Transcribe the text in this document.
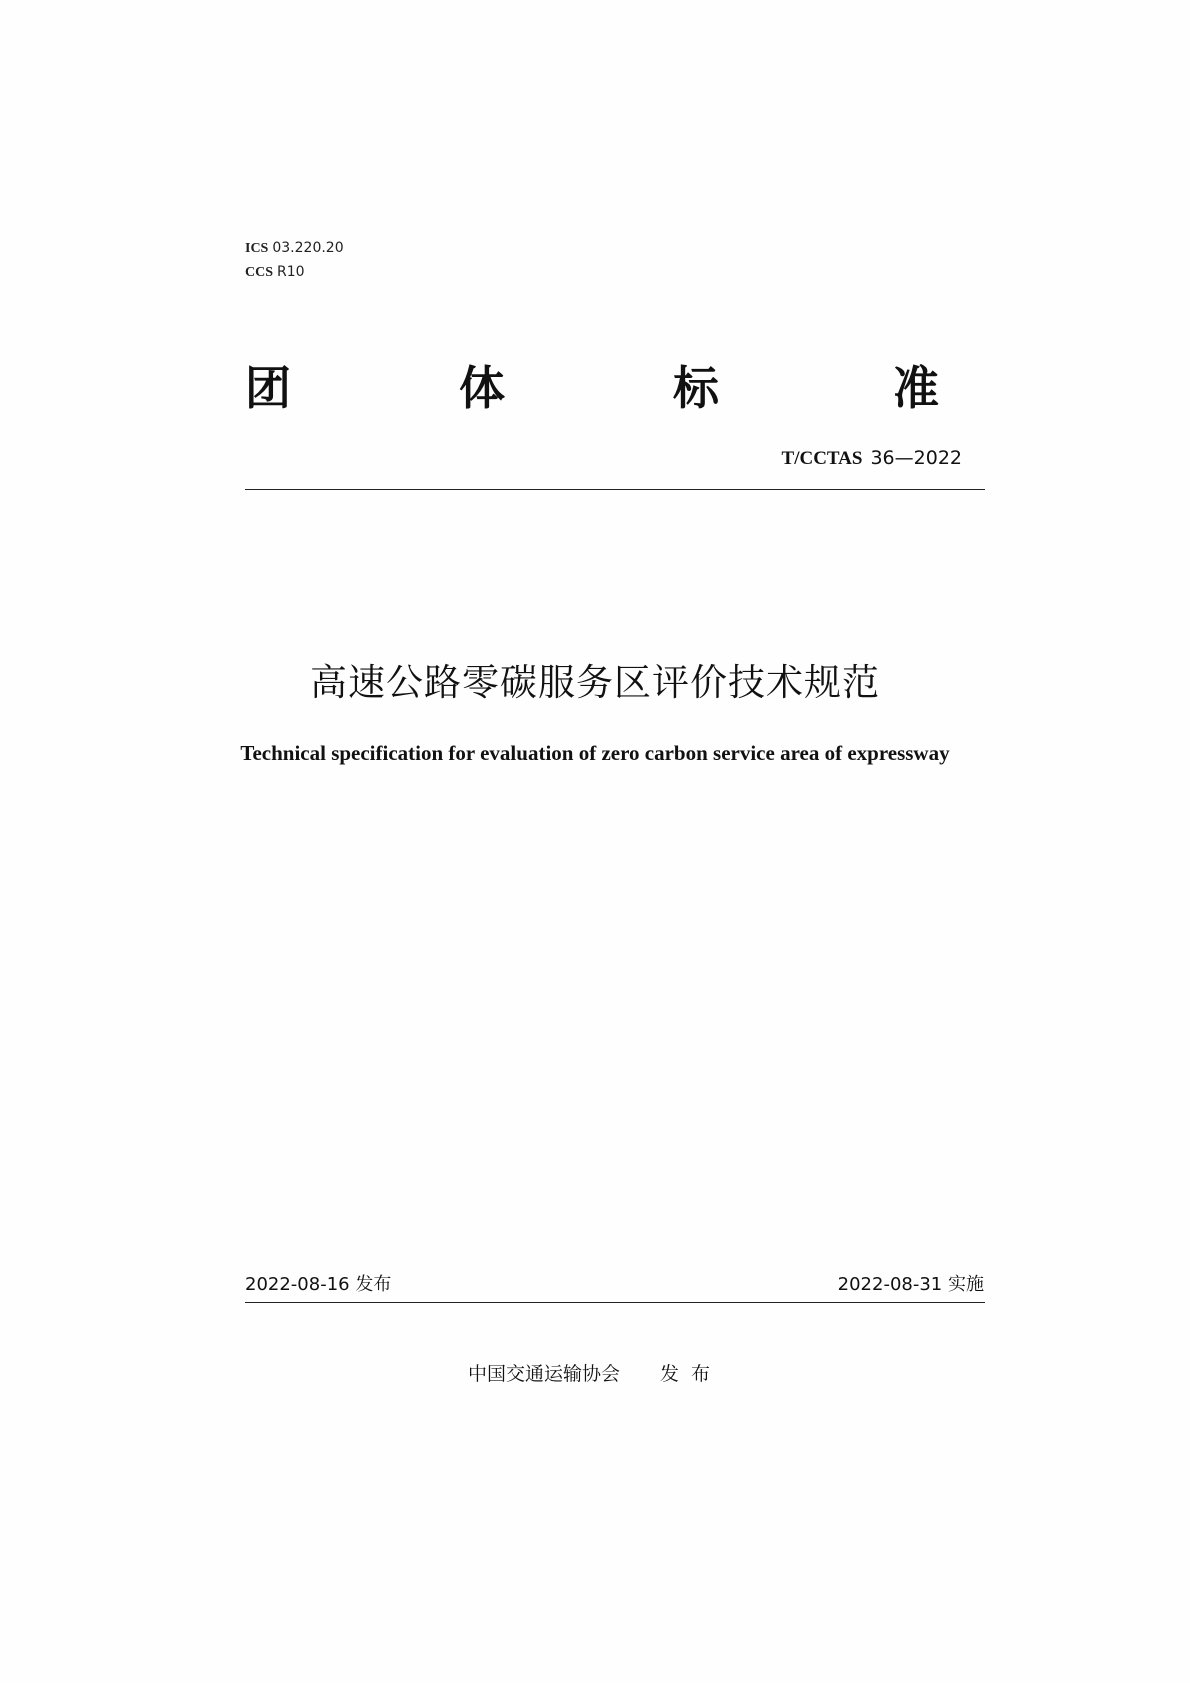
ICS 03.220.20
CCS R10
团	体	标	准
T/CCTAS 36—2022
高速公路零碳服务区评价技术规范
Technical specification for evaluation of zero carbon service area of expressway
2022-08-16 发布	2022-08-31 实施
中国交通运输协会 发布
